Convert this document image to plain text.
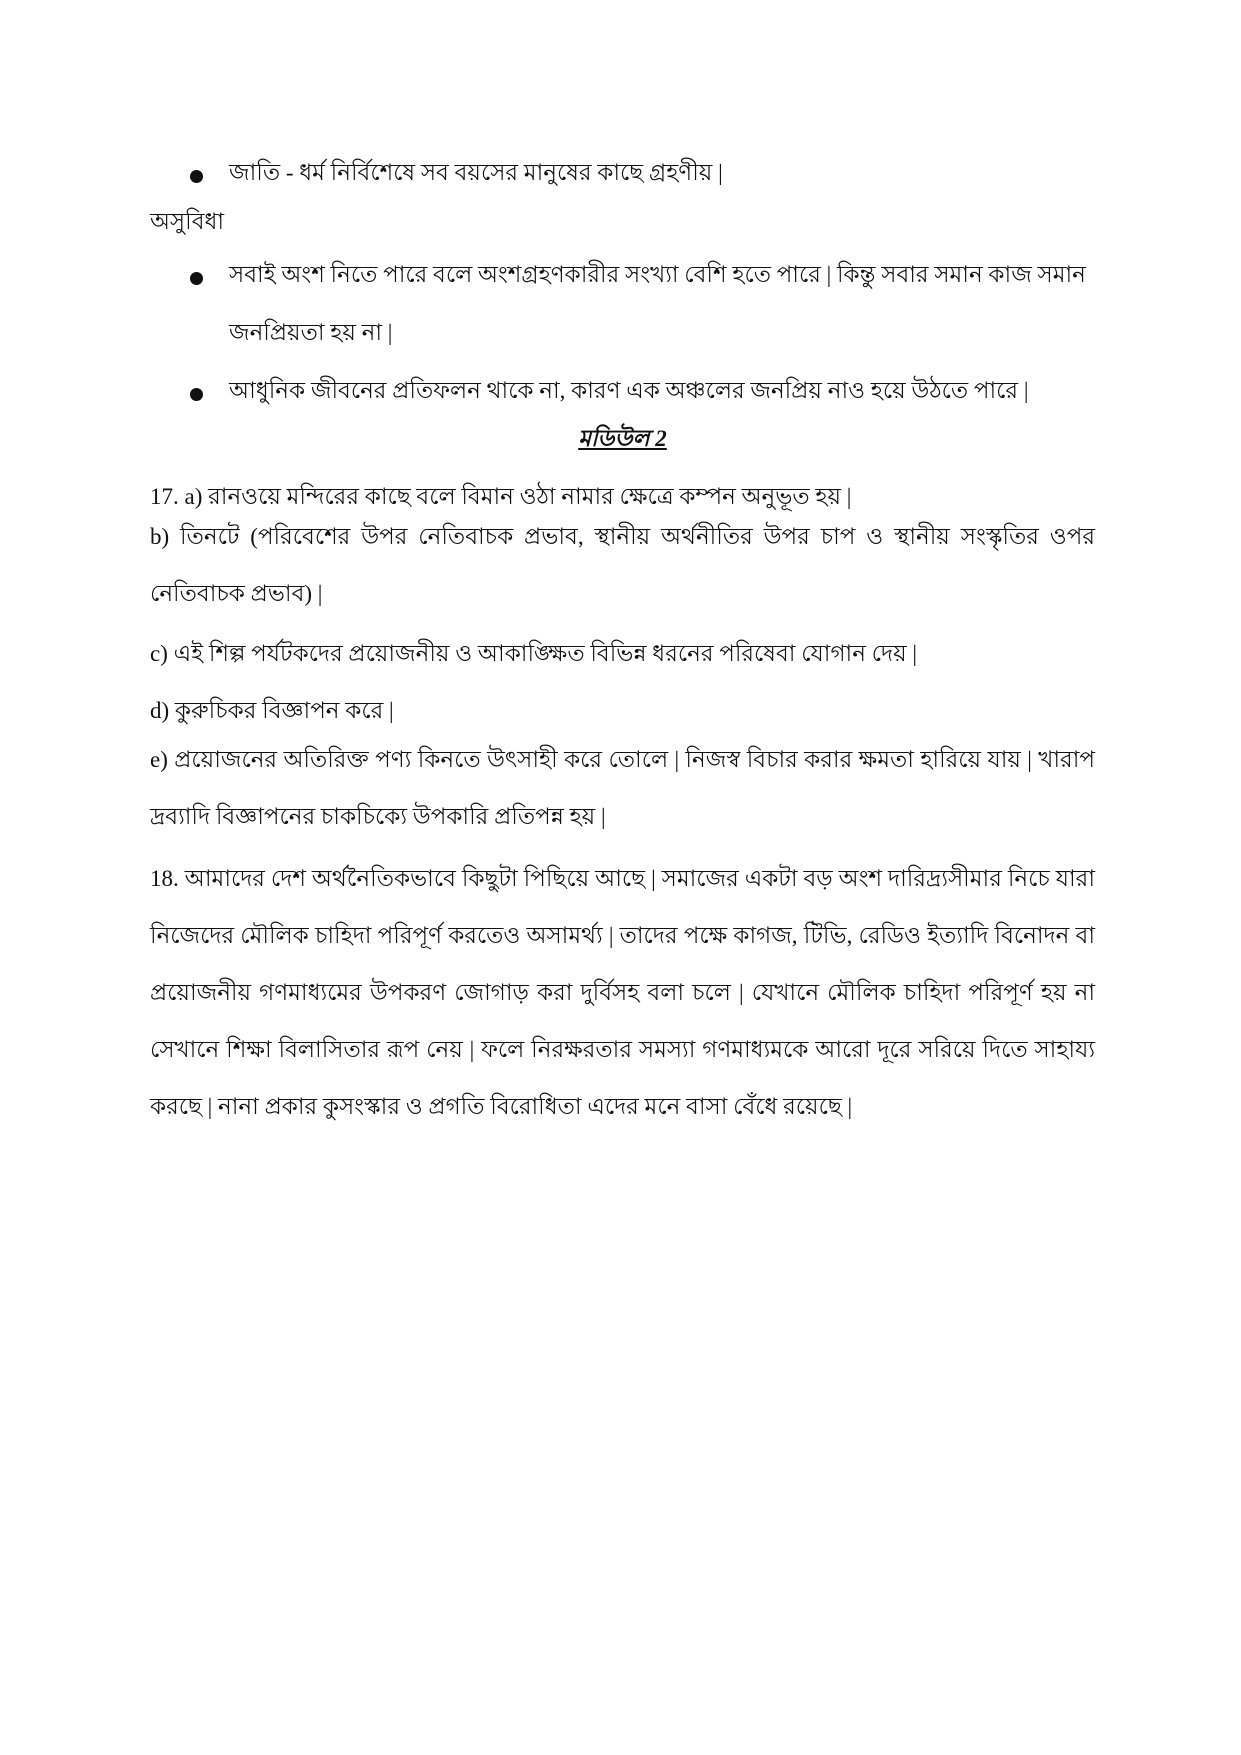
জাতি - ধর্ম নির্বিশেষে সব বয়সের মানুষের কাছে গ্রহণীয় |
অসুবিধা
সবাই অংশ নিতে পারে বলে অংশগ্রহণকারীর সংখ্যা বেশি হতে পারে | কিন্তু সবার সমান কাজ সমান জনপ্রিয়তা হয় না |
আধুনিক জীবনের প্রতিফলন থাকে না, কারণ এক অঞ্চলের জনপ্রিয় নাও হয়ে উঠতে পারে |
মডিউল 2
17. a) রানওয়ে মন্দিরের কাছে বলে বিমান ওঠা নামার ক্ষেত্রে কম্পন অনুভূত হয় |
b) তিনটে (পরিবেশের উপর নেতিবাচক প্রভাব, স্থানীয় অর্থনীতির উপর চাপ ও স্থানীয় সংস্কৃতির ওপর নেতিবাচক প্রভাব) |
c) এই শিল্প পর্যটকদের প্রয়োজনীয় ও আকাঙ্ক্ষিত বিভিন্ন ধরনের পরিষেবা যোগান দেয় |
d) কুরুচিকর বিজ্ঞাপন করে |
e) প্রয়োজনের অতিরিক্ত পণ্য কিনতে উৎসাহী করে তোলে | নিজস্ব বিচার করার ক্ষমতা হারিয়ে যায় | খারাপ দ্রব্যাদি বিজ্ঞাপনের চাকচিক্যে উপকারি প্রতিপন্ন হয় |
18. আমাদের দেশ অর্থনৈতিকভাবে কিছুটা পিছিয়ে আছে | সমাজের একটা বড় অংশ দারিদ্র্যসীমার নিচে যারা নিজেদের মৌলিক চাহিদা পরিপূর্ণ করতেও অসামর্থ্য | তাদের পক্ষে কাগজ, টিভি, রেডিও ইত্যাদি বিনোদন বা প্রয়োজনীয় গণমাধ্যমের উপকরণ জোগাড় করা দুর্বিসহ বলা চলে | যেখানে মৌলিক চাহিদা পরিপূর্ণ হয় না সেখানে শিক্ষা বিলাসিতার রূপ নেয় | ফলে নিরক্ষরতার সমস্যা গণমাধ্যমকে আরো দূরে সরিয়ে দিতে সাহায্য করছে | নানা প্রকার কুসংস্কার ও প্রগতি বিরোধিতা এদের মনে বাসা বেঁধে রয়েছে |
